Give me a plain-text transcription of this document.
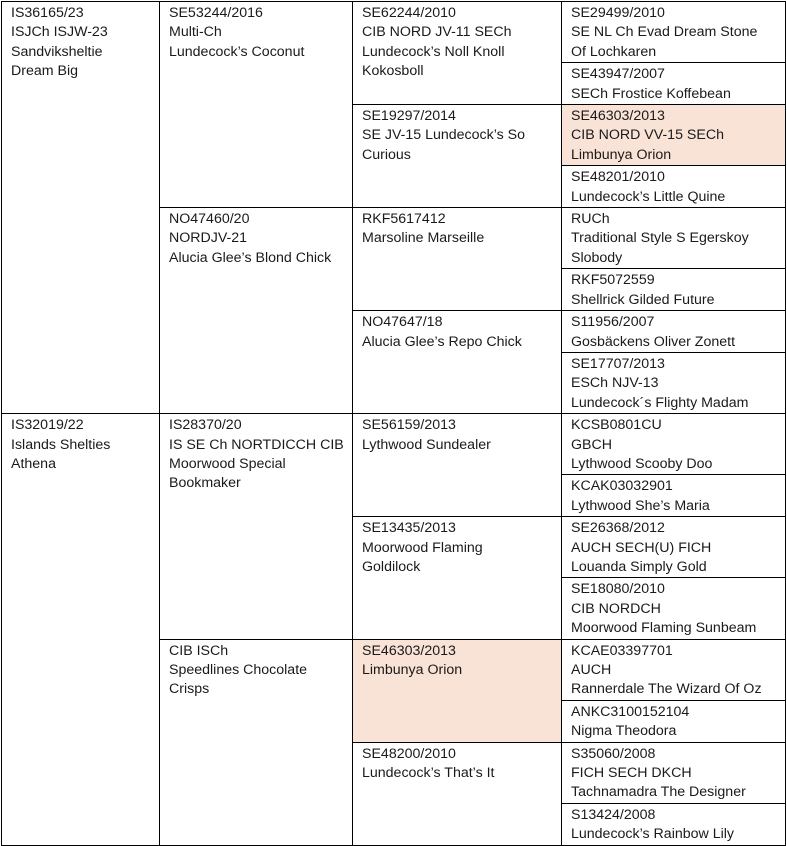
IS36165/23
ISJCh ISJW-23
Sandviksheltie
Dream Big	SE53244/2016
Multi-Ch
Lundecock’s Coconut	SE62244/2010
CIB NORD JV-11 SECh
Lundecock’s Noll Knoll
Kokosboll	SE29499/2010
SE NL Ch Evad Dream Stone
Of Lochkaren

			SE43947/2007
SECh Frostice Koffebean

		SE19297/2014
SE JV-15 Lundecock’s So
Curious	SE46303/2013
CIB NORD VV-15 SECh
Limbunya Orion

			SE48201/2010
Lundecock’s Little Quine

	NO47460/20
NORDJV-21
Alucia Glee’s Blond Chick	RKF5617412
Marsoline Marseille	RUCh
Traditional Style S Egerskoy
Slobody

			RKF5072559
Shellrick Gilded Future

		NO47647/18
Alucia Glee’s Repo Chick	S11956/2007
Gosbäckens Oliver Zonett

			SE17707/2013
ESCh NJV-13
Lundecock´s Flighty Madam

IS32019/22
Islands Shelties
Athena	IS28370/20
IS SE Ch NORTDICCH CIB
Moorwood Special
Bookmaker	SE56159/2013
Lythwood Sundealer	KCSB0801CU
GBCH
Lythwood Scooby Doo

			KCAK03032901
Lythwood She’s Maria

		SE13435/2013
Moorwood Flaming
Goldilock	SE26368/2012
AUCH SECH(U) FICH
Louanda Simply Gold

			SE18080/2010
CIB NORDCH
Moorwood Flaming Sunbeam

	CIB ISCh
Speedlines Chocolate
Crisps	SE46303/2013
Limbunya Orion	KCAE03397701
AUCH
Rannerdale The Wizard Of Oz

			ANKC3100152104
Nigma Theodora

		SE48200/2010
Lundecock’s That’s It	S35060/2008
FICH SECH DKCH
Tachnamadra The Designer

			S13424/2008
Lundecock’s Rainbow Lily
